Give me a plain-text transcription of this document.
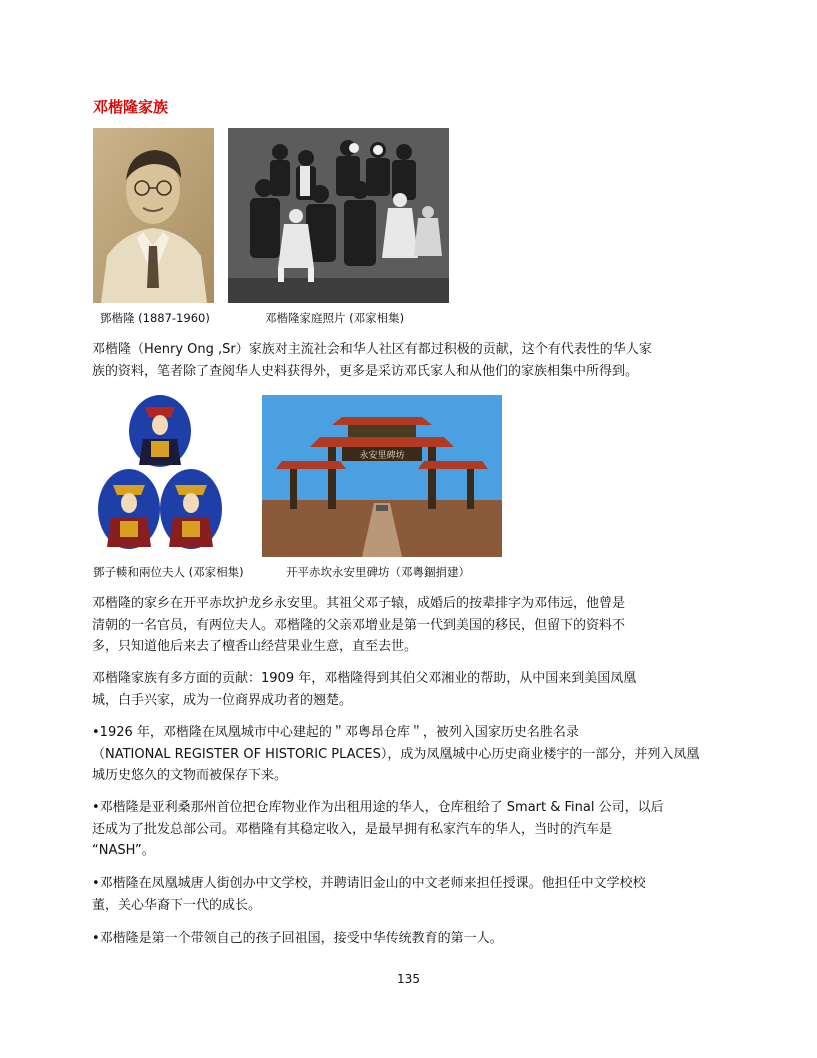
邓楷隆家族
鄧楷隆 (1887-1960)	邓楷隆家庭照片 (邓家相集)
邓楷隆（Henry Ong ,Sr）家族对主流社会和华人社区有都过积极的贡献，这个有代表性的华人家
族的资料，笔者除了查阅华人史料获得外，更多是采访邓氏家人和从他们的家族相集中所得到。
永安里碑坊
鄧子輳和兩位夫人 (邓家相集)	开平赤坎永安里碑坊（邓粵錮捐建）
邓楷隆的家乡在开平赤坎护龙乡永安里。其祖父邓子辕，成婚后的按辈排字为邓伟远，他曾是
清朝的一名官员，有两位夫人。邓楷隆的父亲邓增业是第一代到美国的移民，但留下的资料不
多，只知道他后来去了檀香山经营果业生意，直至去世。
邓楷隆家族有多方面的贡献：1909 年，邓楷隆得到其伯父邓湘业的帮助，从中国来到美国凤凰
城，白手兴家，成为一位商界成功者的翘楚。
•1926 年，邓楷隆在凤凰城市中心建起的＂邓粵昂仓库＂，被列入国家历史名胜名录
（NATIONAL REGISTER OF HISTORIC PLACES），成为凤凰城中心历史商业楼宇的一部分，并列入凤凰
城历史悠久的文物而被保存下来。
•邓楷隆是亚利桑那州首位把仓库物业作为出租用途的华人，仓库租给了 Smart & Final 公司，以后
还成为了批发总部公司。邓楷隆有其稳定收入，是最早拥有私家汽车的华人，当时的汽车是
“NASH”。
•邓楷隆在凤凰城唐人街创办中文学校，并聘请旧金山的中文老师来担任授课。他担任中文学校校
董，关心华裔下一代的成长。
•邓楷隆是第一个带领自己的孩子回祖国，接受中华传统教育的第一人。
135
